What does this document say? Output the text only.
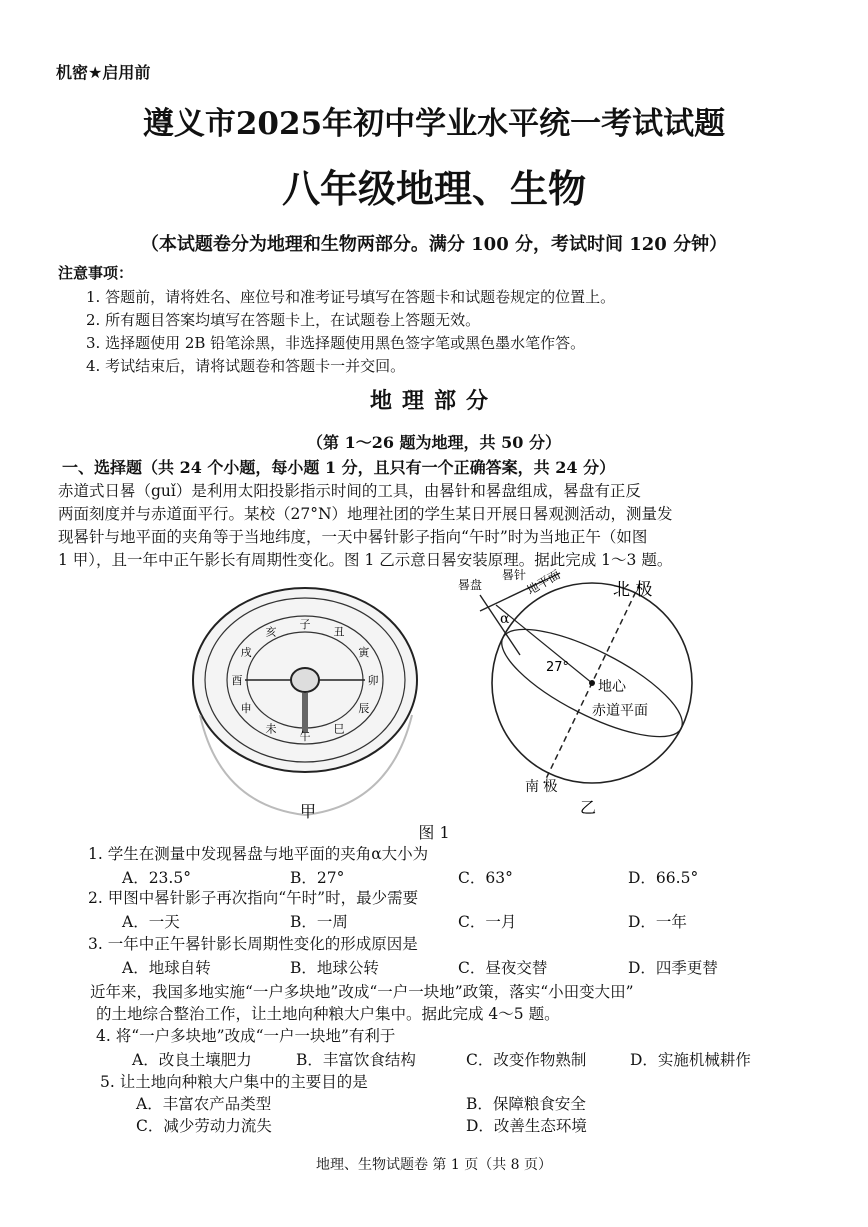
机密★启用前
遵义市2025年初中学业水平统一考试试题
八年级地理、生物
（本试题卷分为地理和生物两部分。满分 100 分，考试时间 120 分钟）
注意事项：
1. 答题前，请将姓名、座位号和准考证号填写在答题卡和试题卷规定的位置上。
2. 所有题目答案均填写在答题卡上，在试题卷上答题无效。
3. 选择题使用 2B 铅笔涂黑，非选择题使用黑色签字笔或黑色墨水笔作答。
4. 考试结束后，请将试题卷和答题卡一并交回。
地理部分
（第 1～26 题为地理，共 50 分）
一、选择题（共 24 个小题，每小题 1 分，且只有一个正确答案，共 24 分）
赤道式日晷（guǐ）是利用太阳投影指示时间的工具，由晷针和晷盘组成，晷盘有正反
两面刻度并与赤道面平行。某校（27°N）地理社团的学生某日开展日晷观测活动，测量发
现晷针与地平面的夹角等于当地纬度，一天中晷针影子指向“午时”时为当地正午（如图
1 甲），且一年中正午影长有周期性变化。图 1 乙示意日晷安装原理。据此完成 1～3 题。
午
未
申
酉
戌
亥
子
丑
寅
卯
辰
巳
甲
晷盘
晷针
地平面	北 极
南 极
α
27°
地心
赤道平面
乙
图 1
1. 学生在测量中发现晷盘与地平面的夹角α大小为
A．23.5°	B．27°	C．63°	D．66.5°
2. 甲图中晷针影子再次指向“午时”时，最少需要
A．一天	B．一周	C．一月	D．一年
3. 一年中正午晷针影长周期性变化的形成原因是
A．地球自转	B．地球公转	C．昼夜交替	D．四季更替
近年来，我国多地实施“一户多块地”改成“一户一块地”政策，落实“小田变大田”
的土地综合整治工作，让土地向种粮大户集中。据此完成 4～5 题。
4. 将“一户多块地”改成“一户一块地”有利于
A．改良土壤肥力	B．丰富饮食结构	C．改变作物熟制	D．实施机械耕作
5. 让土地向种粮大户集中的主要目的是
A．丰富农产品类型	B．保障粮食安全
C．减少劳动力流失	D．改善生态环境
地理、生物试题卷 第 1 页（共 8 页）
